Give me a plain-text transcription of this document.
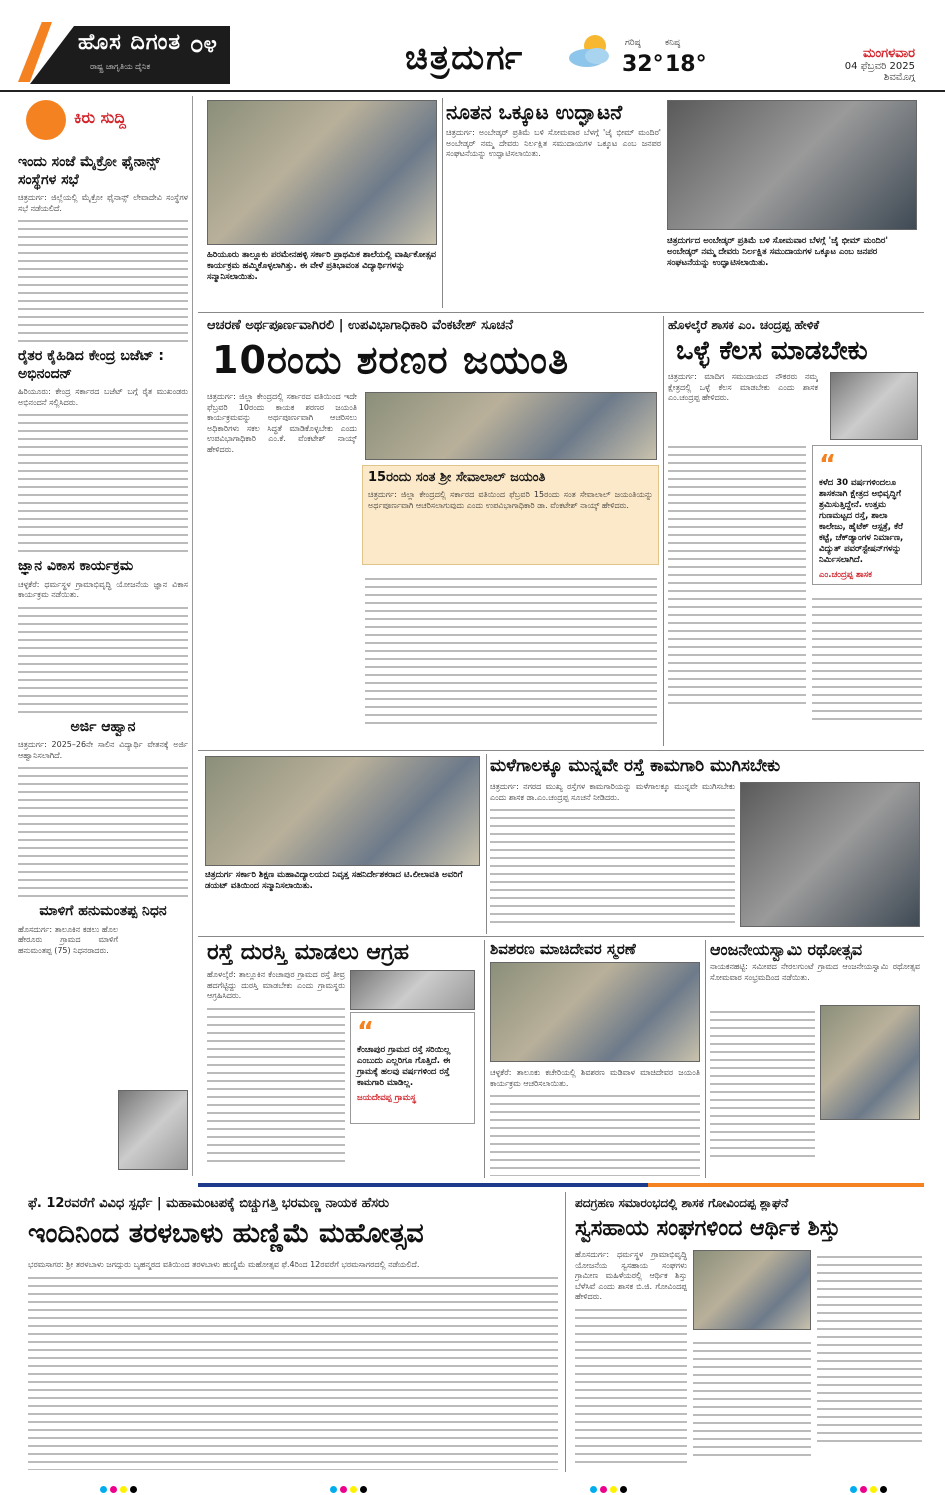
ಹೊಸ ದಿಗಂತ
ರಾಷ್ಟ್ರ ಜಾಗೃತಿಯ ದೈನಿಕ
೦೪	ಚಿತ್ರದುರ್ಗ	ಗರಿಷ್ಠ
32°
ಕನಿಷ್ಠ
18°	ಮಂಗಳವಾರ
04 ಫೆಬ್ರವರಿ 2025
ಶಿವಮೊಗ್ಗ
ಕಿರು ಸುದ್ದಿ
ಇಂದು ಸಂಜೆ ಮೈಕ್ರೋ ಫೈನಾನ್ಸ್ ಸಂಸ್ಥೆಗಳ ಸಭೆ
ಚಿತ್ರದುರ್ಗ: ಜಿಲ್ಲೆಯಲ್ಲಿ ಮೈಕ್ರೋ ಫೈನಾನ್ಸ್ ಲೇವಾದೇವಿ ಸಂಸ್ಥೆಗಳ ಸಭೆ ನಡೆಯಲಿದೆ.
ರೈತರ ಕೈಹಿಡಿದ ಕೇಂದ್ರ ಬಜೆಟ್ : ಅಭಿನಂದನ್
ಹಿರಿಯೂರು: ಕೇಂದ್ರ ಸರ್ಕಾರದ ಬಜೆಟ್ ಬಗ್ಗೆ ರೈತ ಮುಖಂಡರು ಅಭಿನಂದನೆ ಸಲ್ಲಿಸಿದರು.
ಜ್ಞಾನ ವಿಕಾಸ ಕಾರ್ಯಕ್ರಮ
ಚಳ್ಳಕೆರೆ: ಧರ್ಮಸ್ಥಳ ಗ್ರಾಮಾಭಿವೃದ್ಧಿ ಯೋಜನೆಯ ಜ್ಞಾನ ವಿಕಾಸ ಕಾರ್ಯಕ್ರಮ ನಡೆಯಿತು.
ಅರ್ಜಿ ಆಹ್ವಾನ
ಚಿತ್ರದುರ್ಗ: 2025–26ನೇ ಸಾಲಿನ ವಿದ್ಯಾರ್ಥಿ ವೇತನಕ್ಕೆ ಅರ್ಜಿ ಆಹ್ವಾನಿಸಲಾಗಿದೆ.
ಮಾಳಿಗೆ ಹನುಮಂತಪ್ಪ ನಿಧನ
ಹೊಸದುರ್ಗ: ತಾಲೂಕಿನ ಕಡಲು ಹೊಲ ಹೇರೂರು ಗ್ರಾಮದ ಮಾಳಿಗೆ ಹನುಮಂತಪ್ಪ (75) ನಿಧನರಾದರು.
ಹಿರಿಯೂರು ತಾಲ್ಲೂಕು ಪರಮೇನಹಳ್ಳಿ ಸರ್ಕಾರಿ ಪ್ರಾಥಮಿಕ ಶಾಲೆಯಲ್ಲಿ ವಾರ್ಷಿಕೋತ್ಸವ ಕಾರ್ಯಕ್ರಮ ಹಮ್ಮಿಕೊಳ್ಳಲಾಗಿತ್ತು. ಈ ವೇಳೆ ಪ್ರತಿಭಾವಂತ ವಿದ್ಯಾರ್ಥಿಗಳನ್ನು ಸನ್ಮಾನಿಸಲಾಯಿತು.
ನೂತನ ಒಕ್ಕೂಟ ಉದ್ಘಾಟನೆ

ಚಿತ್ರದುರ್ಗ: ಅಂಬೇಡ್ಕರ್ ಪ್ರತಿಮೆ ಬಳಿ ಸೋಮವಾರ ಬೆಳಗ್ಗೆ 'ಜೈ ಭೀಮ್ ಮಂದಿರ' ಅಂಬೇಡ್ಕರ್ ನಮ್ಮ ದೇವರು ನಿರ್ಲಕ್ಷಿತ ಸಮುದಾಯಗಳ ಒಕ್ಕೂಟ ಎಂಬ ಜನಪರ ಸಂಘಟನೆಯನ್ನು ಉದ್ಘಾಟಿಸಲಾಯಿತು.

ಚಿತ್ರದುರ್ಗದ ಅಂಬೇಡ್ಕರ್ ಪ್ರತಿಮೆ ಬಳಿ ಸೋಮವಾರ ಬೆಳಗ್ಗೆ 'ಜೈ ಭೀಮ್ ಮಂದಿರ' ಅಂಬೇಡ್ಕರ್ ನಮ್ಮ ದೇವರು ನಿರ್ಲಕ್ಷಿತ ಸಮುದಾಯಗಳ ಒಕ್ಕೂಟ ಎಂಬ ಜನಪರ ಸಂಘಟನೆಯನ್ನು ಉದ್ಘಾಟಿಸಲಾಯಿತು.
ಆಚರಣೆ ಅರ್ಥಪೂರ್ಣವಾಗಿರಲಿ | ಉಪವಿಭಾಗಾಧಿಕಾರಿ ವೆಂಕಟೇಶ್ ಸೂಚನೆ
10ರಂದು ಶರಣರ ಜಯಂತಿ

ಚಿತ್ರದುರ್ಗ: ಜಿಲ್ಲಾ ಕೇಂದ್ರದಲ್ಲಿ ಸರ್ಕಾರದ ವತಿಯಿಂದ ಇದೇ ಫೆಬ್ರವರಿ 10ರಂದು ಕಾಯಕ ಶರಣರ ಜಯಂತಿ ಕಾರ್ಯಕ್ರಮವನ್ನು ಅರ್ಥಪೂರ್ಣವಾಗಿ ಆಚರಿಸಲು ಅಧಿಕಾರಿಗಳು ಸಕಲ ಸಿದ್ಧತೆ ಮಾಡಿಕೊಳ್ಳಬೇಕು ಎಂದು ಉಪವಿಭಾಗಾಧಿಕಾರಿ ಎಂ.ಕೆ. ವೆಂಕಟೇಶ್ ನಾಯ್ಕ್ ಹೇಳಿದರು.

15ರಂದು ಸಂತ ಶ್ರೀ ಸೇವಾಲಾಲ್ ಜಯಂತಿ

ಚಿತ್ರದುರ್ಗ: ಜಿಲ್ಲಾ ಕೇಂದ್ರದಲ್ಲಿ ಸರ್ಕಾರದ ವತಿಯಿಂದ ಫೆಬ್ರವರಿ 15ರಂದು ಸಂತ ಸೇವಾಲಾಲ್ ಜಯಂತಿಯನ್ನು ಅರ್ಥಪೂರ್ಣವಾಗಿ ಆಚರಿಸಲಾಗುವುದು ಎಂದು ಉಪವಿಭಾಗಾಧಿಕಾರಿ ಡಾ. ವೆಂಕಟೇಶ್ ನಾಯ್ಕ್ ಹೇಳಿದರು.

ಹೊಳಲ್ಕೆರೆ ಶಾಸಕ ಎಂ. ಚಂದ್ರಪ್ಪ ಹೇಳಿಕೆ
ಒಳ್ಳೆ ಕೆಲಸ ಮಾಡಬೇಕು

ಚಿತ್ರದುರ್ಗ: ಮಾದಿಗ ಸಮುದಾಯದ ನೌಕರರು ನಮ್ಮ ಕ್ಷೇತ್ರದಲ್ಲಿ ಒಳ್ಳೆ ಕೆಲಸ ಮಾಡಬೇಕು ಎಂದು ಶಾಸಕ ಎಂ.ಚಂದ್ರಪ್ಪ ಹೇಳಿದರು.

“
ಕಳೆದ 30 ವರ್ಷಗಳಿಂದಲೂ ಶಾಸಕನಾಗಿ ಕ್ಷೇತ್ರದ ಅಭಿವೃದ್ಧಿಗೆ ಶ್ರಮಿಸುತ್ತಿದ್ದೇನೆ. ಉತ್ತಮ ಗುಣಮಟ್ಟದ ರಸ್ತೆ, ಶಾಲಾ ಕಾಲೇಜು, ಹೈಟೆಕ್ ಆಸ್ಪತ್ರೆ, ಕೆರೆ ಕಟ್ಟೆ, ಚೆಕ್‌ಡ್ಯಾಂಗಳ ನಿರ್ಮಾಣ, ವಿದ್ಯುತ್ ಪವರ್‌ಸ್ಟೇಷನ್‌ಗಳನ್ನು ನಿರ್ಮಿಸಲಾಗಿದೆ.
ಎಂ.ಚಂದ್ರಪ್ಪ ಶಾಸಕ
ಚಿತ್ರದುರ್ಗ ಸರ್ಕಾರಿ ಶಿಕ್ಷಣ ಮಹಾವಿದ್ಯಾಲಯದ ನಿವೃತ್ತ ಸಹನಿರ್ದೇಶಕರಾದ ಟಿ.ಲೀಲಾವತಿ ಅವರಿಗೆ ಡಯಟ್ ವತಿಯಿಂದ ಸನ್ಮಾನಿಸಲಾಯಿತು.
ಮಳೆಗಾಲಕ್ಕೂ ಮುನ್ನವೇ ರಸ್ತೆ ಕಾಮಗಾರಿ ಮುಗಿಸಬೇಕು

ಚಿತ್ರದುರ್ಗ: ನಗರದ ಮುಖ್ಯ ರಸ್ತೆಗಳ ಕಾಮಗಾರಿಯನ್ನು ಮಳೆಗಾಲಕ್ಕೂ ಮುನ್ನವೇ ಮುಗಿಸಬೇಕು ಎಂದು ಶಾಸಕ ಡಾ.ಎಂ.ಚಂದ್ರಪ್ಪ ಸೂಚನೆ ನೀಡಿದರು.

ರಸ್ತೆ ದುರಸ್ತಿ ಮಾಡಲು ಆಗ್ರಹ

ಹೊಳಲ್ಕೆರೆ: ತಾಲ್ಲೂಕಿನ ಕೆಂಚಾಪುರ ಗ್ರಾಮದ ರಸ್ತೆ ತೀವ್ರ ಹದಗೆಟ್ಟಿದ್ದು ದುರಸ್ತಿ ಮಾಡಬೇಕು ಎಂದು ಗ್ರಾಮಸ್ಥರು ಆಗ್ರಹಿಸಿದರು.

“
ಕೆಂಚಾಪುರ ಗ್ರಾಮದ ರಸ್ತೆ ಸರಿಯಿಲ್ಲ ಎಂಬುದು ಎಲ್ಲರಿಗೂ ಗೊತ್ತಿದೆ. ಈ ಗ್ರಾಮಕ್ಕೆ ಹಲವು ವರ್ಷಗಳಿಂದ ರಸ್ತೆ ಕಾಮಗಾರಿ ಮಾಡಿಲ್ಲ.
ಜಯದೇವಪ್ಪ ಗ್ರಾಮಸ್ಥ
ಶಿವಶರಣ ಮಾಚಿದೇವರ ಸ್ಮರಣೆ

ಚಳ್ಳಕೆರೆ: ತಾಲೂಕು ಕಚೇರಿಯಲ್ಲಿ ಶಿವಶರಣ ಮಡಿವಾಳ ಮಾಚಿದೇವರ ಜಯಂತಿ ಕಾರ್ಯಕ್ರಮ ಆಚರಿಸಲಾಯಿತು.

ಆಂಜನೇಯಸ್ವಾಮಿ ರಥೋತ್ಸವ

ನಾಯಕನಹಟ್ಟಿ: ಸಮೀಪದ ನೇರಲಗುಂಟೆ ಗ್ರಾಮದ ಆಂಜನೇಯಸ್ವಾಮಿ ರಥೋತ್ಸವ ಸೋಮವಾರ ಸಂಭ್ರಮದಿಂದ ನಡೆಯಿತು.

ಫೆ. 12ರವರೆಗೆ ವಿವಿಧ ಸ್ಪರ್ಧೆ | ಮಹಾಮಂಟಪಕ್ಕೆ ಬಿಚ್ಚುಗತ್ತಿ ಭರಮಣ್ಣ ನಾಯಕ ಹೆಸರು
ಇಂದಿನಿಂದ ತರಳಬಾಳು ಹುಣ್ಣಿಮೆ ಮಹೋತ್ಸವ

ಭರಮಸಾಗರ: ಶ್ರೀ ತರಳಬಾಳು ಜಗದ್ಗುರು ಬೃಹನ್ಮಠದ ವತಿಯಿಂದ ತರಳಬಾಳು ಹುಣ್ಣಿಮೆ ಮಹೋತ್ಸವ ಫೆ.4ರಿಂದ 12ರವರೆಗೆ ಭರಮಸಾಗರದಲ್ಲಿ ನಡೆಯಲಿದೆ.

ಪದಗ್ರಹಣ ಸಮಾರಂಭದಲ್ಲಿ ಶಾಸಕ ಗೋವಿಂದಪ್ಪ ಶ್ಲಾಘನೆ
ಸ್ವಸಹಾಯ ಸಂಘಗಳಿಂದ ಆರ್ಥಿಕ ಶಿಸ್ತು

ಹೊಸದುರ್ಗ: ಧರ್ಮಸ್ಥಳ ಗ್ರಾಮಾಭಿವೃದ್ಧಿ ಯೋಜನೆಯ ಸ್ವಸಹಾಯ ಸಂಘಗಳು ಗ್ರಾಮೀಣ ಮಹಿಳೆಯರಲ್ಲಿ ಆರ್ಥಿಕ ಶಿಸ್ತು ಬೆಳೆಸಿವೆ ಎಂದು ಶಾಸಕ ಬಿ.ಜಿ. ಗೋವಿಂದಪ್ಪ ಹೇಳಿದರು.
